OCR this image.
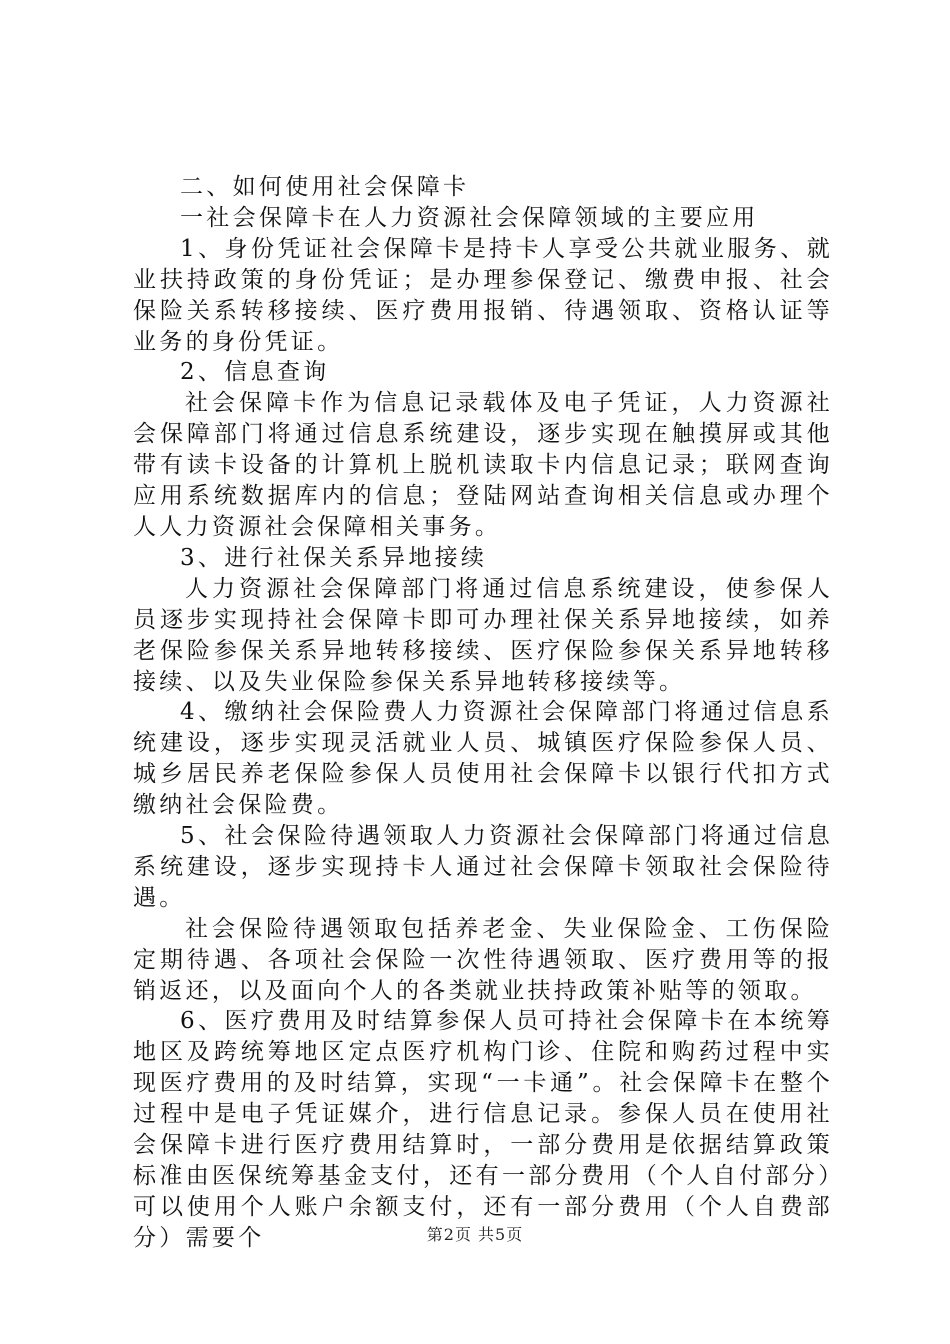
二、如何使用社会保障卡

一社会保障卡在人力资源社会保障领域的主要应用

1、身份凭证社会保障卡是持卡人享受公共就业服务、就业扶持政策的身份凭证；是办理参保登记、缴费申报、社会保险关系转移接续、医疗费用报销、待遇领取、资格认证等业务的身份凭证。

2、信息查询

社会保障卡作为信息记录载体及电子凭证，人力资源社会保障部门将通过信息系统建设，逐步实现在触摸屏或其他带有读卡设备的计算机上脱机读取卡内信息记录；联网查询应用系统数据库内的信息；登陆网站查询相关信息或办理个人人力资源社会保障相关事务。

3、进行社保关系异地接续

人力资源社会保障部门将通过信息系统建设，使参保人员逐步实现持社会保障卡即可办理社保关系异地接续，如养老保险参保关系异地转移接续、医疗保险参保关系异地转移接续、以及失业保险参保关系异地转移接续等。

4、缴纳社会保险费人力资源社会保障部门将通过信息系统建设，逐步实现灵活就业人员、城镇医疗保险参保人员、城乡居民养老保险参保人员使用社会保障卡以银行代扣方式缴纳社会保险费。

5、社会保险待遇领取人力资源社会保障部门将通过信息系统建设，逐步实现持卡人通过社会保障卡领取社会保险待遇。

社会保险待遇领取包括养老金、失业保险金、工伤保险定期待遇、各项社会保险一次性待遇领取、医疗费用等的报销返还，以及面向个人的各类就业扶持政策补贴等的领取。

6、医疗费用及时结算参保人员可持社会保障卡在本统筹地区及跨统筹地区定点医疗机构门诊、住院和购药过程中实现医疗费用的及时结算，实现“一卡通”。社会保障卡在整个过程中是电子凭证媒介，进行信息记录。参保人员在使用社会保障卡进行医疗费用结算时，一部分费用是依据结算政策标准由医保统筹基金支付，还有一部分费用（个人自付部分）可以使用个人账户余额支付，还有一部分费用（个人自费部分）需要个	第2页 共5页
